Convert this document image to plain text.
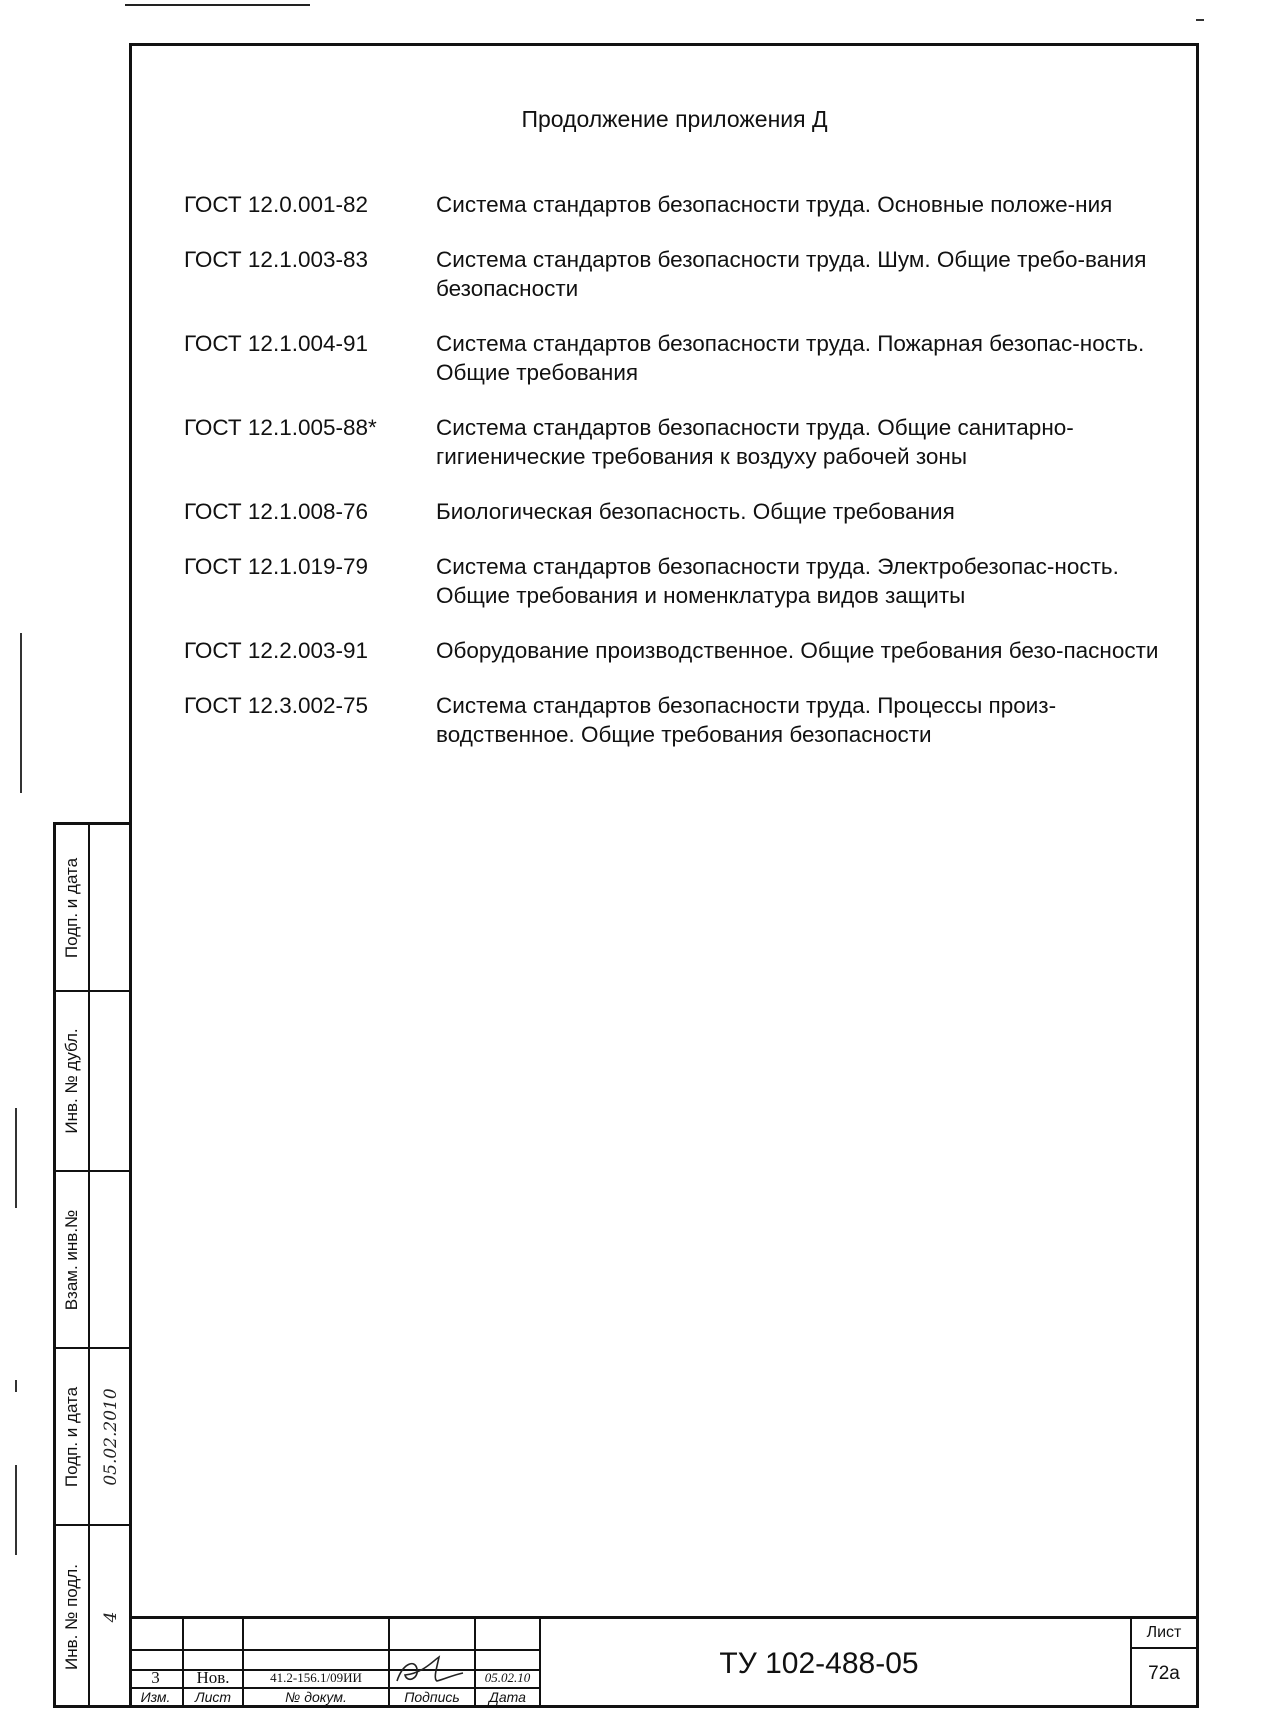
Продолжение приложения Д
ГОСТ 12.0.001-82	Система стандартов безопасности труда. Основные положе-ния
ГОСТ 12.1.003-83	Система стандартов безопасности труда. Шум. Общие требо-вания безопасности
ГОСТ 12.1.004-91	Система стандартов безопасности труда. Пожарная безопас-ность. Общие требования
ГОСТ 12.1.005-88*	Система стандартов безопасности труда. Общие санитарно-гигиенические требования к воздуху рабочей зоны
ГОСТ 12.1.008-76	Биологическая безопасность. Общие требования
ГОСТ 12.1.019-79	Система стандартов безопасности труда. Электробезопас-ность. Общие требования и номенклатура видов защиты
ГОСТ 12.2.003-91	Оборудование производственное. Общие требования безо-пасности
ГОСТ 12.3.002-75	Система стандартов безопасности труда. Процессы произ-водственное. Общие требования безопасности
Подп. и дата
Инв. № дубл.
Взам. инв.№
Подп. и дата 05.02.2010
Инв. № подл. 4
3	Нов.	41.2-156.1/09ИИ	05.02.10
Изм.	Лист	№ докум.	Подпись	Дата
ТУ 102-488-05
Лист
72а
